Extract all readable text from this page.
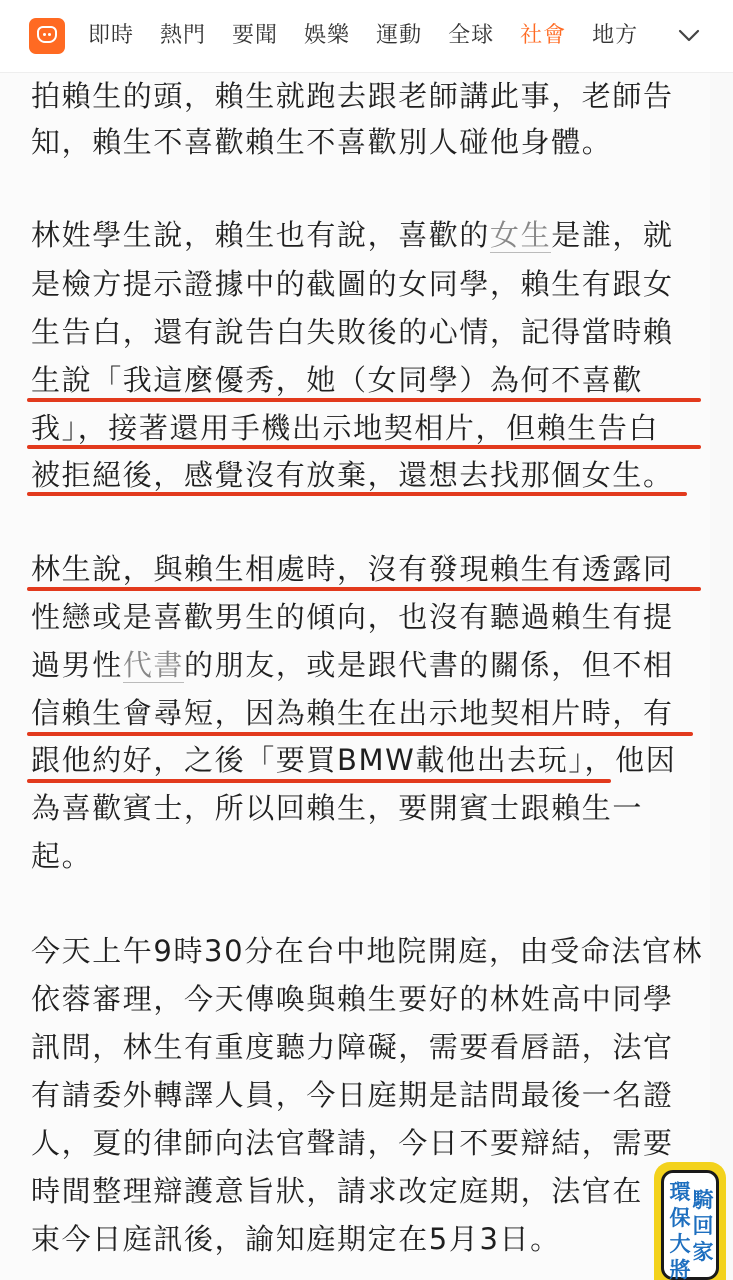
即時 熱門 要聞 娛樂 運動 全球 社會 地方
拍賴生的頭，賴生就跑去跟老師講此事，老師告
知，賴生不喜歡賴生不喜歡別人碰他身體。
林姓學生說，賴生也有說，喜歡的女生是誰，就
是檢方提示證據中的截圖的女同學，賴生有跟女
生告白，還有說告白失敗後的心情，記得當時賴
生說「我這麼優秀，她（女同學）為何不喜歡
我」，接著還用手機出示地契相片，但賴生告白
被拒絕後，感覺沒有放棄，還想去找那個女生。
林生說，與賴生相處時，沒有發現賴生有透露同
性戀或是喜歡男生的傾向，也沒有聽過賴生有提
過男性代書的朋友，或是跟代書的關係，但不相
信賴生會尋短，因為賴生在出示地契相片時，有
跟他約好，之後「要買BMW載他出去玩」，他因
為喜歡賓士，所以回賴生，要開賓士跟賴生一
起。
今天上午9時30分在台中地院開庭，由受命法官林
依蓉審理，今天傳喚與賴生要好的林姓高中同學
訊問，林生有重度聽力障礙，需要看唇語，法官
有請委外轉譯人員，今日庭期是詰問最後一名證
人，夏的律師向法官聲請，今日不要辯結，需要
時間整理辯護意旨狀，請求改定庭期，法官在
束今日庭訊後，諭知庭期定在5月3日。
環保大將
騎回家
